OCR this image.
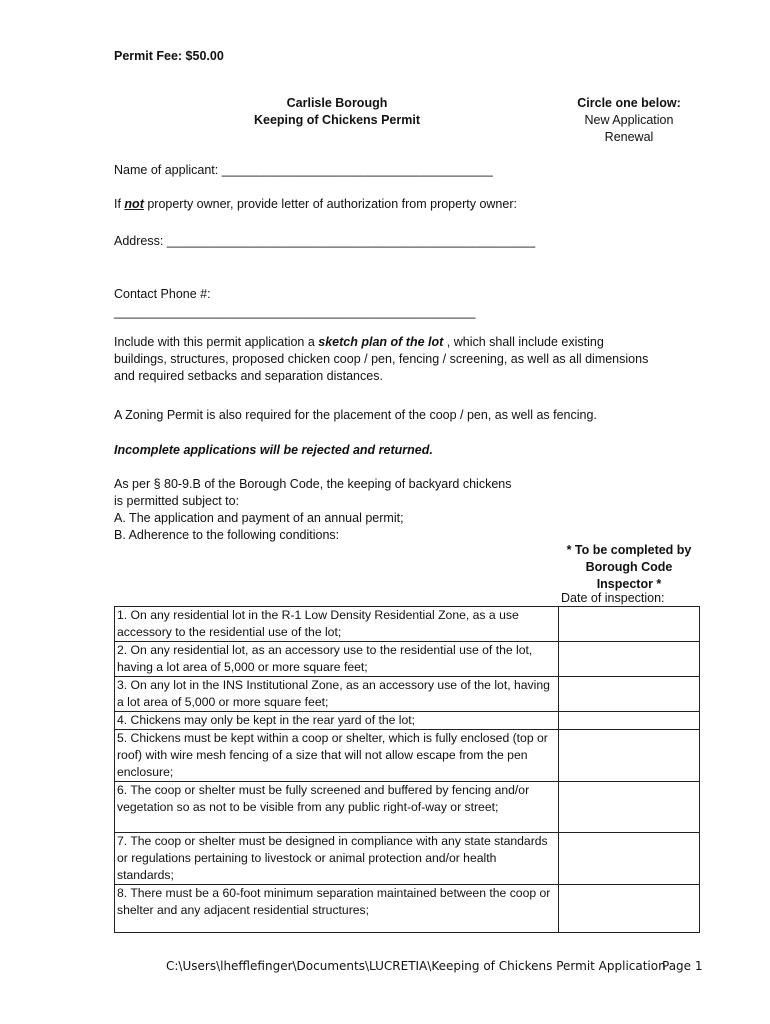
Permit Fee: $50.00
Carlisle Borough
Keeping of Chickens Permit
Circle one below:
New Application
Renewal
Name of applicant: _______________________________________
If not property owner, provide letter of authorization from property owner:
Address: _____________________________________________________
Contact Phone #:
____________________________________________________
Include with this permit application a sketch plan of the lot , which shall include existing buildings, structures, proposed chicken coop / pen, fencing / screening, as well as all dimensions and required setbacks and separation distances.
A Zoning Permit is also required for the placement of the coop / pen, as well as fencing.
Incomplete applications will be rejected and returned.
As per § 80-9.B of the Borough Code, the keeping of backyard chickens
is permitted subject to:
A. The application and payment of an annual permit;
B. Adherence to the following conditions:
* To be completed by
Borough Code
Inspector *
Date of inspection:
1. On any residential lot in the R-1 Low Density Residential Zone, as a use accessory to the residential use of the lot;	
2. On any residential lot, as an accessory use to the residential use of the lot, having a lot area of 5,000 or more square feet;	
3. On any lot in the INS Institutional Zone, as an accessory use of the lot, having a lot area of 5,000 or more square feet;	
4. Chickens may only be kept in the rear yard of the lot;	
5. Chickens must be kept within a coop or shelter, which is fully enclosed (top or roof) with wire mesh fencing of a size that will not allow escape from the pen enclosure;	
6. The coop or shelter must be fully screened and buffered by fencing and/or vegetation so as not to be visible from any public right-of-way or street;	
7. The coop or shelter must be designed in compliance with any state standards or regulations pertaining to livestock or animal protection and/or health standards;	
8. There must be a 60-foot minimum separation maintained between the coop or shelter and any adjacent residential structures;	
C:\Users\lhefflefinger\Documents\LUCRETIA\Keeping of Chickens Permit Application
Page 1
